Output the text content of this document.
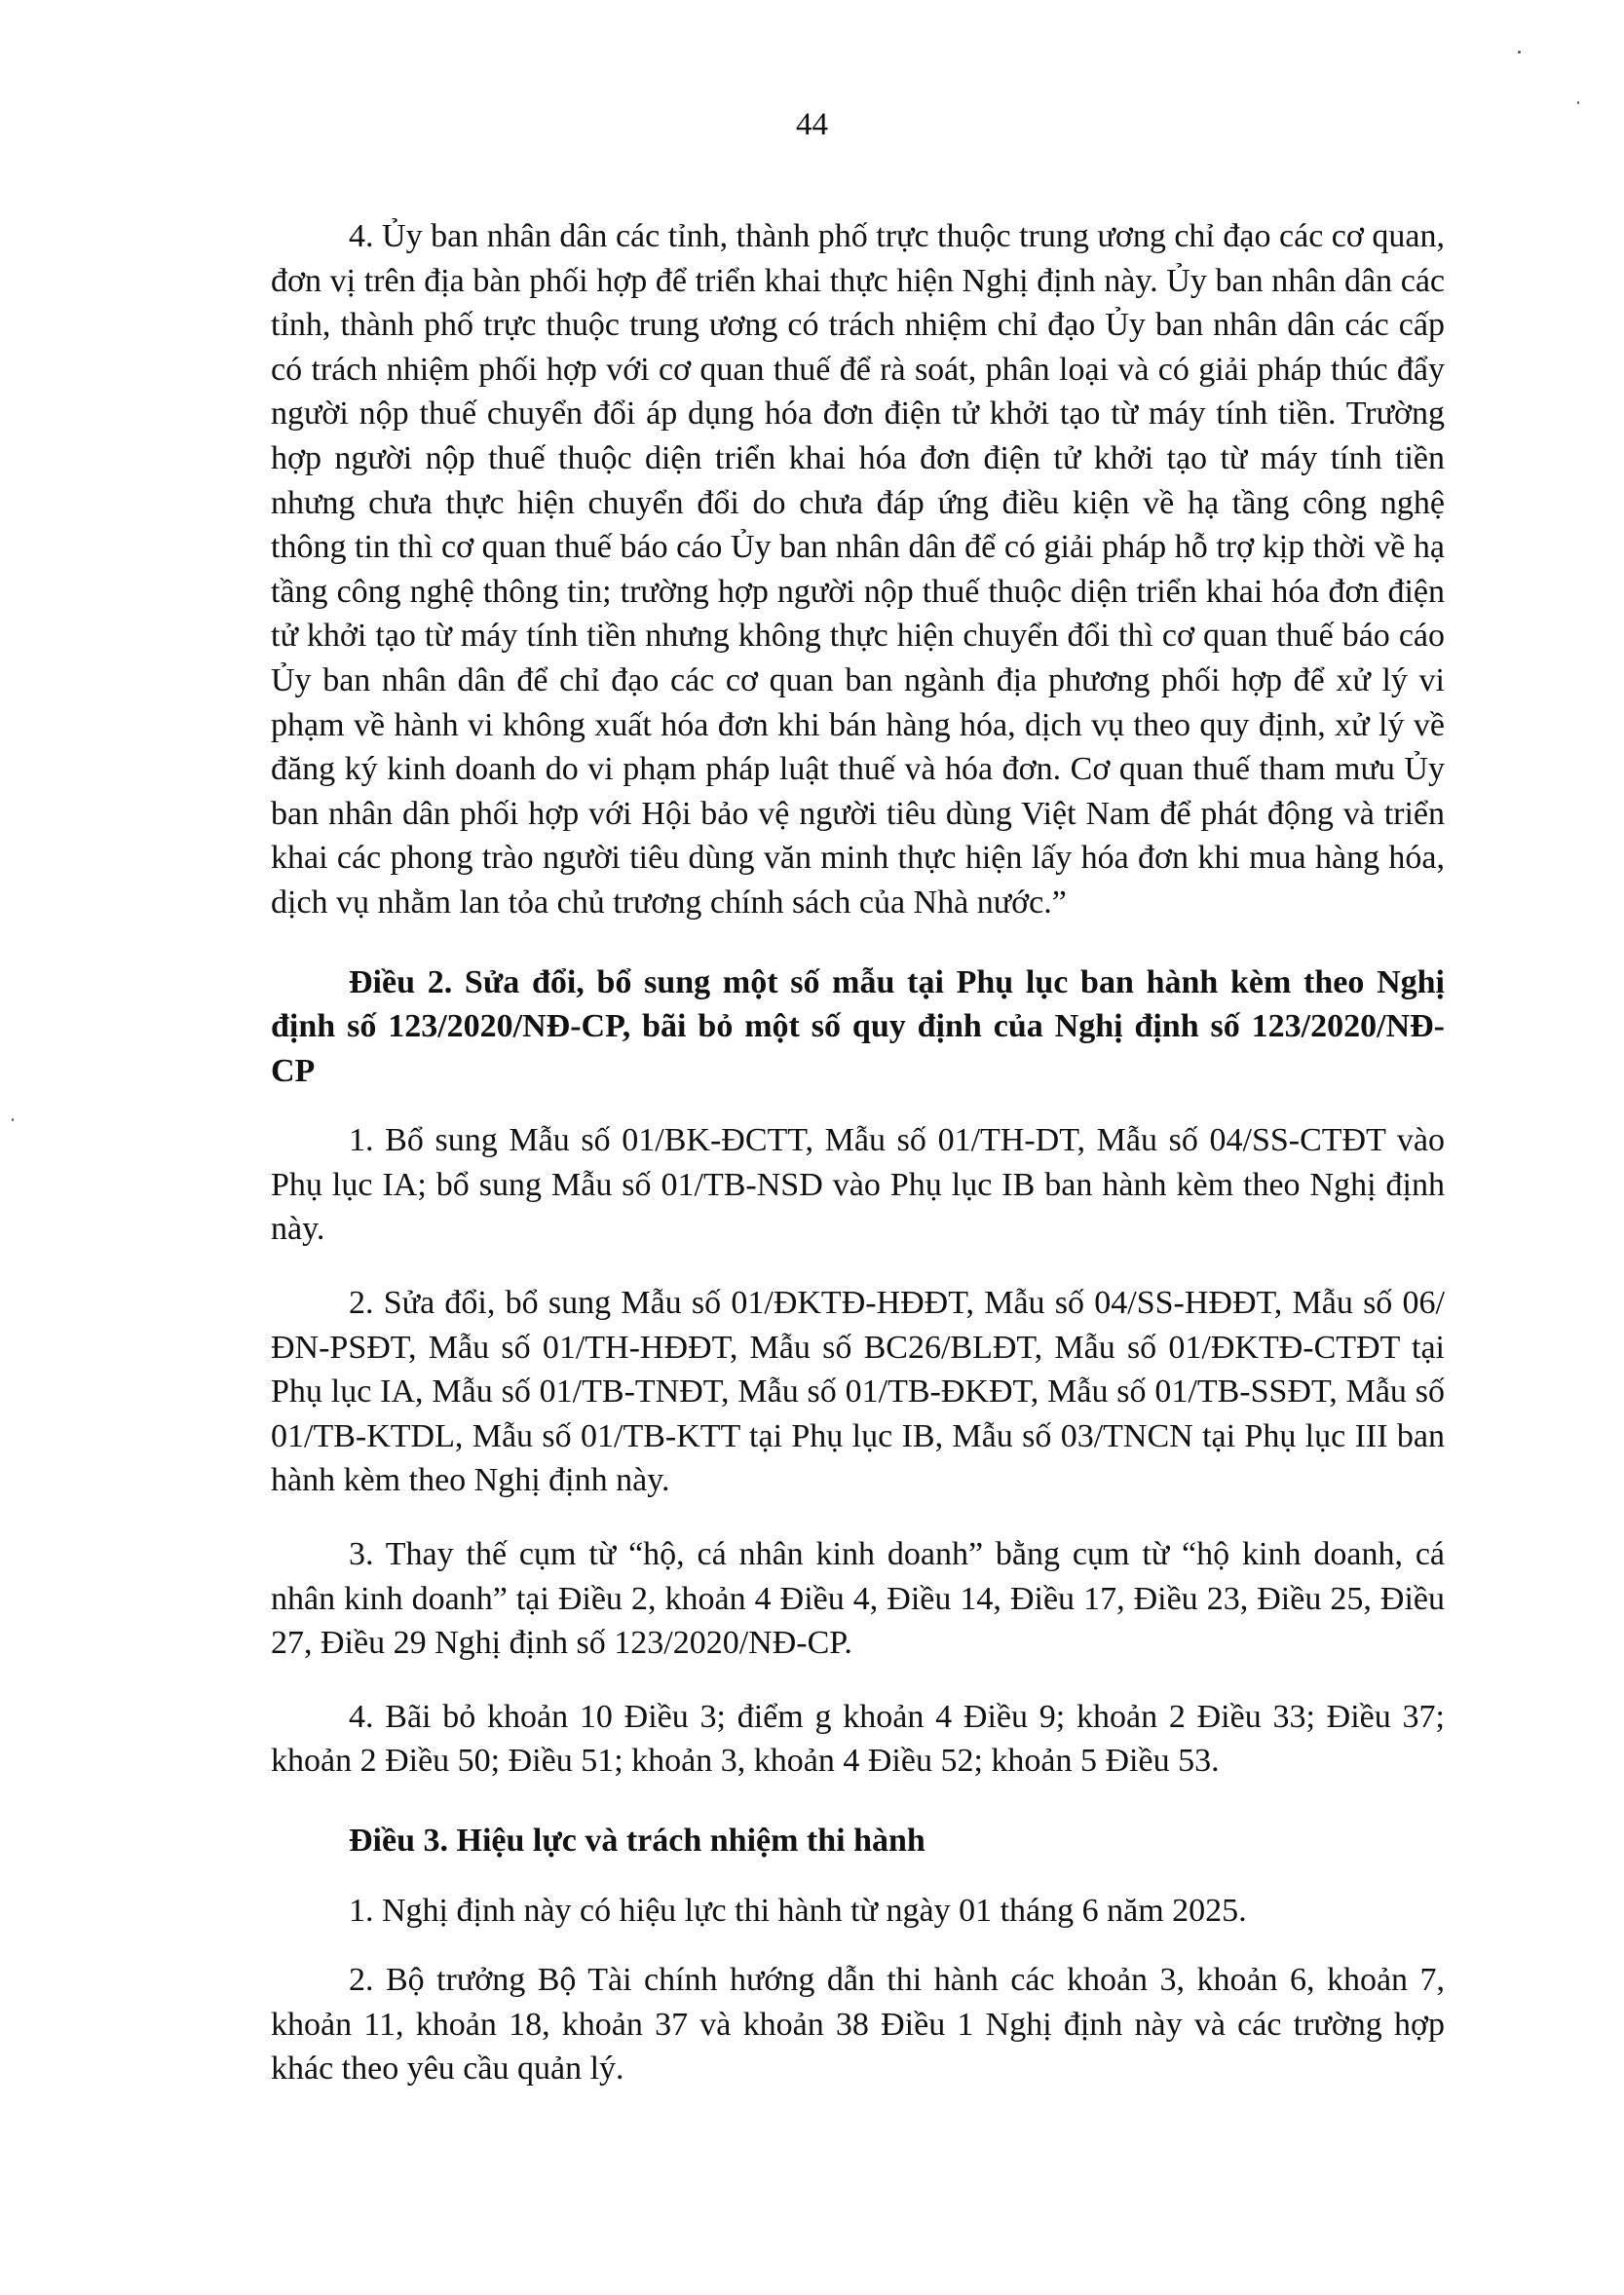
44

4. Ủy ban nhân dân các tỉnh, thành phố trực thuộc trung ương chỉ đạo các cơ quan, đơn vị trên địa bàn phối hợp để triển khai thực hiện Nghị định này. Ủy ban nhân dân các tỉnh, thành phố trực thuộc trung ương có trách nhiệm chỉ đạo Ủy ban nhân dân các cấp có trách nhiệm phối hợp với cơ quan thuế để rà soát, phân loại và có giải pháp thúc đẩy người nộp thuế chuyển đổi áp dụng hóa đơn điện tử khởi tạo từ máy tính tiền. Trường hợp người nộp thuế thuộc diện triển khai hóa đơn điện tử khởi tạo từ máy tính tiền nhưng chưa thực hiện chuyển đổi do chưa đáp ứng điều kiện về hạ tầng công nghệ thông tin thì cơ quan thuế báo cáo Ủy ban nhân dân để có giải pháp hỗ trợ kịp thời về hạ tầng công nghệ thông tin; trường hợp người nộp thuế thuộc diện triển khai hóa đơn điện tử khởi tạo từ máy tính tiền nhưng không thực hiện chuyển đổi thì cơ quan thuế báo cáo Ủy ban nhân dân để chỉ đạo các cơ quan ban ngành địa phương phối hợp để xử lý vi phạm về hành vi không xuất hóa đơn khi bán hàng hóa, dịch vụ theo quy định, xử lý về đăng ký kinh doanh do vi phạm pháp luật thuế và hóa đơn. Cơ quan thuế tham mưu Ủy ban nhân dân phối hợp với Hội bảo vệ người tiêu dùng Việt Nam để phát động và triển khai các phong trào người tiêu dùng văn minh thực hiện lấy hóa đơn khi mua hàng hóa, dịch vụ nhằm lan tỏa chủ trương chính sách của Nhà nước.”

Điều 2. Sửa đổi, bổ sung một số mẫu tại Phụ lục ban hành kèm theo Nghị định số 123/2020/NĐ-CP, bãi bỏ một số quy định của Nghị định số 123/2020/NĐ-CP

1. Bổ sung Mẫu số 01/BK-ĐCTT, Mẫu số 01/TH-DT, Mẫu số 04/SS-CTĐT vào Phụ lục IA; bổ sung Mẫu số 01/TB-NSD vào Phụ lục IB ban hành kèm theo Nghị định này.

2. Sửa đổi, bổ sung Mẫu số 01/ĐKTĐ-HĐĐT, Mẫu số 04/SS-HĐĐT, Mẫu số 06/ĐN-PSĐT, Mẫu số 01/TH-HĐĐT, Mẫu số BC26/BLĐT, Mẫu số 01/ĐKTĐ-CTĐT tại Phụ lục IA, Mẫu số 01/TB-TNĐT, Mẫu số 01/TB-ĐKĐT, Mẫu số 01/TB-SSĐT, Mẫu số 01/TB-KTDL, Mẫu số 01/TB-KTT tại Phụ lục IB, Mẫu số 03/TNCN tại Phụ lục III ban hành kèm theo Nghị định này.

3. Thay thế cụm từ “hộ, cá nhân kinh doanh” bằng cụm từ “hộ kinh doanh, cá nhân kinh doanh” tại Điều 2, khoản 4 Điều 4, Điều 14, Điều 17, Điều 23, Điều 25, Điều 27, Điều 29 Nghị định số 123/2020/NĐ-CP.

4. Bãi bỏ khoản 10 Điều 3; điểm g khoản 4 Điều 9; khoản 2 Điều 33; Điều 37; khoản 2 Điều 50; Điều 51; khoản 3, khoản 4 Điều 52; khoản 5 Điều 53.

Điều 3. Hiệu lực và trách nhiệm thi hành

1. Nghị định này có hiệu lực thi hành từ ngày 01 tháng 6 năm 2025.

2. Bộ trưởng Bộ Tài chính hướng dẫn thi hành các khoản 3, khoản 6, khoản 7, khoản 11, khoản 18, khoản 37 và khoản 38 Điều 1 Nghị định này và các trường hợp khác theo yêu cầu quản lý.
